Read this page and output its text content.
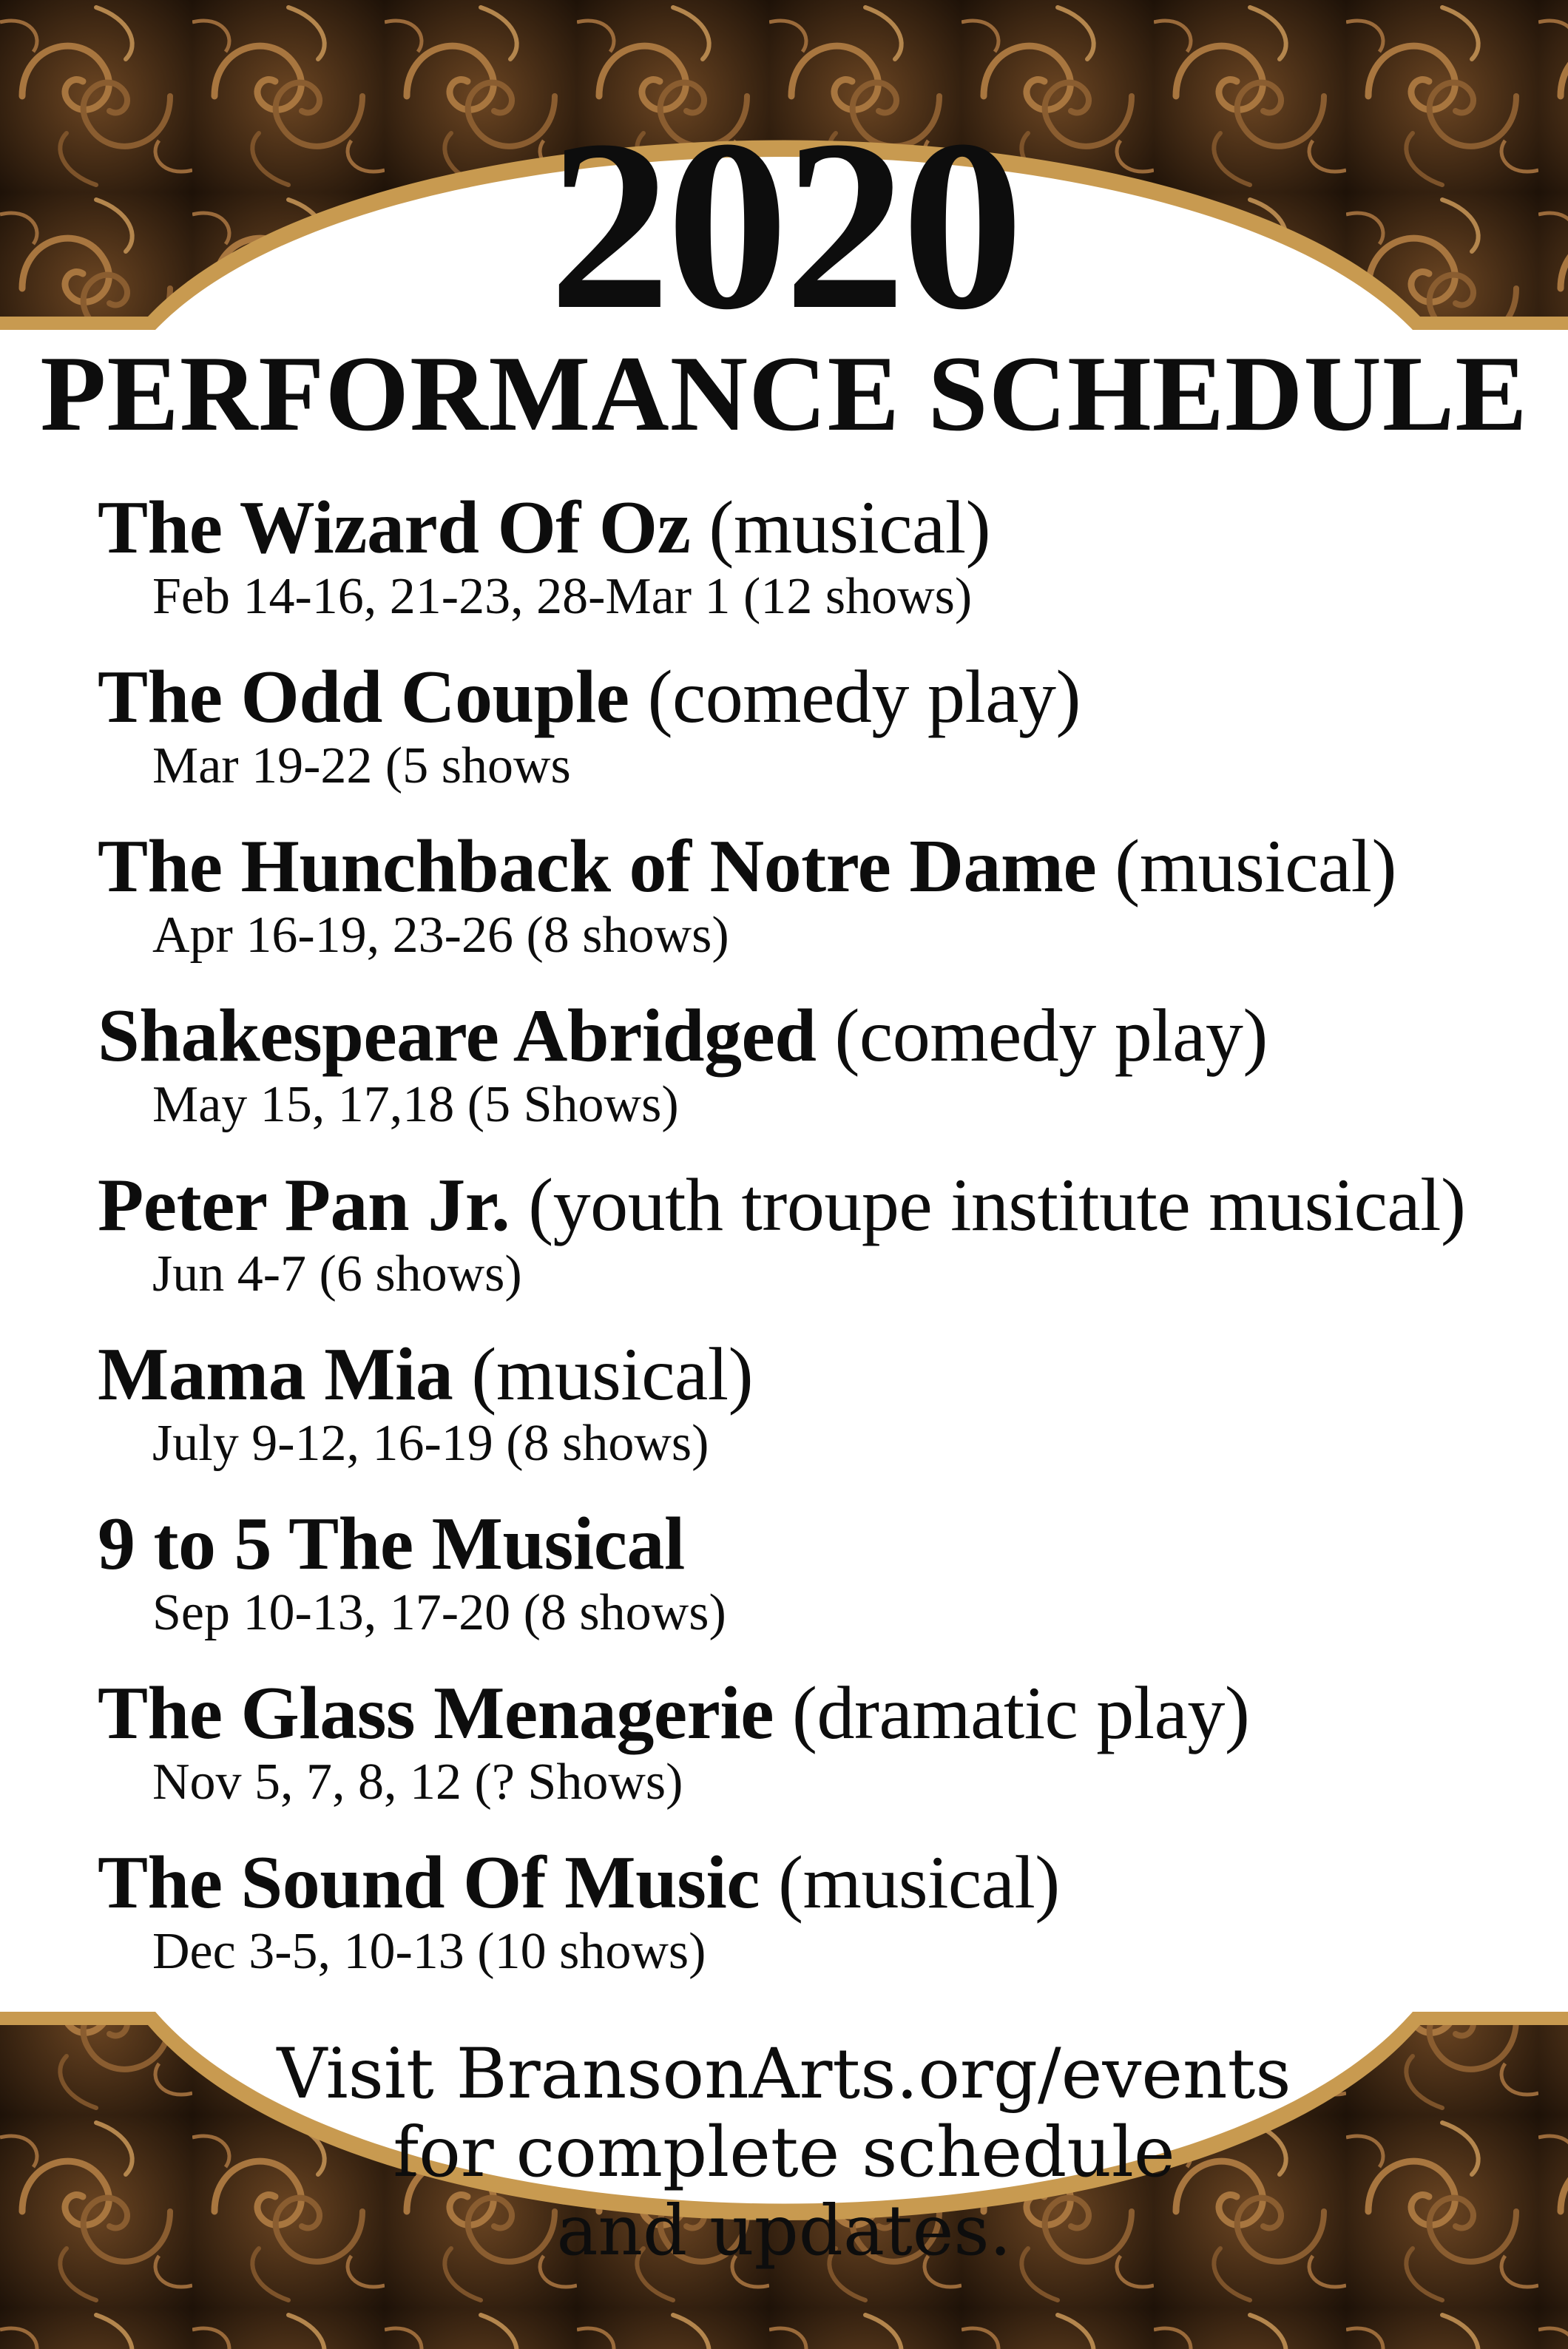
2020
PERFORMANCE SCHEDULE
The Wizard Of Oz (musical)
Feb 14-16, 21-23, 28-Mar 1 (12 shows)
The Odd Couple (comedy play)
Mar 19-22 (5 shows
The Hunchback of Notre Dame (musical)
Apr 16-19, 23-26 (8 shows)
Shakespeare Abridged (comedy play)
May 15, 17,18 (5 Shows)
Peter Pan Jr. (youth troupe institute musical)
Jun 4-7 (6 shows)
Mama Mia (musical)
July 9-12, 16-19 (8 shows)
9 to 5 The Musical
Sep 10-13, 17-20 (8 shows)
The Glass Menagerie (dramatic play)
Nov 5, 7, 8, 12 (? Shows)
The Sound Of Music (musical)
Dec 3-5, 10-13 (10 shows)
Visit BransonArts.org/events
for complete schedule
and updates.
